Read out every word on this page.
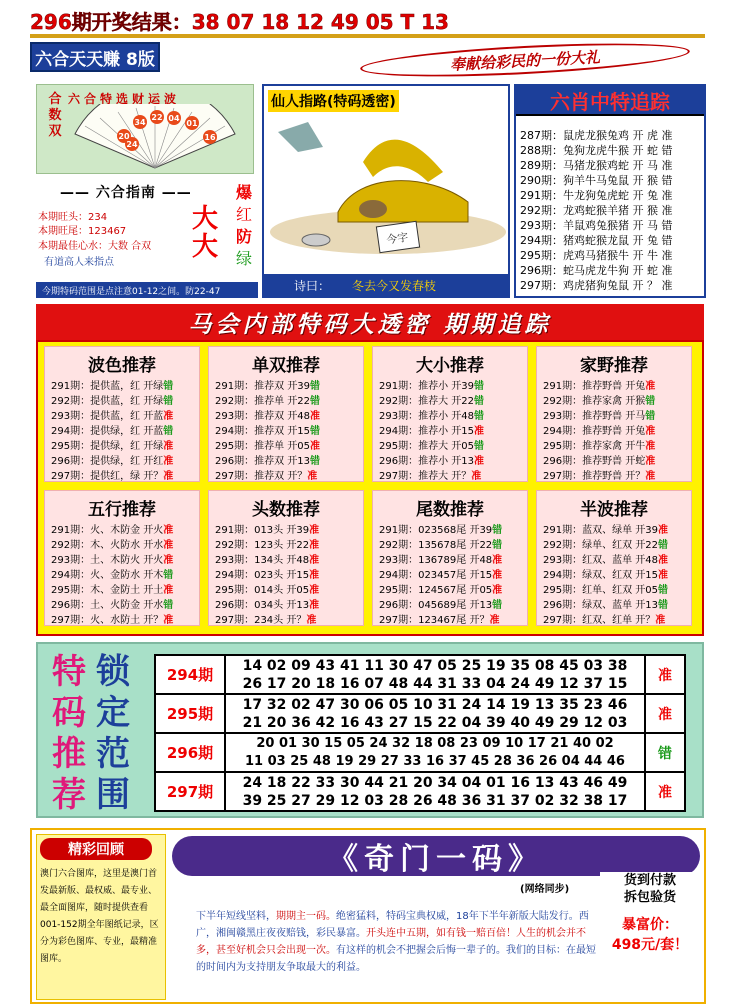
296期开奖结果：38 07 18 12 49 05 T 13
六合天天赚 8版	奉献给彩民的一份大礼
合数双
六合特选财运波
34
22 04
01
20
24
16
—— 六合指南 ——
本期旺头：234
本期旺尾：123467
本期最佳心水：大数 合双
有道高人来指点
大大
爆
红
防
绿
今期特码范围是点注意01-12之间。防22-47
仙人指路(特码透密)
今字
诗曰： 冬去今又发春枝
六肖中特追踪
287期：鼠虎龙猴兔鸡 开 虎 准
288期：兔狗龙虎牛猴 开 蛇 错
289期：马猪龙猴鸡蛇 开 马 准
290期：狗羊牛马兔鼠 开 猴 错
291期：牛龙狗兔虎蛇 开 兔 准
292期：龙鸡蛇猴羊猪 开 猴 准
293期：羊鼠鸡兔猴猪 开 马 错
294期：猪鸡蛇猴龙鼠 开 兔 错
295期：虎鸡马猪猴牛 开 牛 准
296期：蛇马虎龙牛狗 开 蛇 准
297期：鸡虎猪狗兔鼠 开 ？ 准
马会内部特码大透密 期期追踪
波色推荐
291期：提供蓝，红 开绿错
292期：提供蓝，红 开绿错
293期：提供蓝，红 开蓝准
294期：提供绿，红 开蓝错
295期：提供绿，红 开绿准
296期：提供绿，红 开红准
297期：提供红，绿 开？准
单双推荐
291期：推荐双 开39错
292期：推荐单 开22错
293期：推荐双 开48准
294期：推荐双 开15错
295期：推荐单 开05准
296期：推荐双 开13错
297期：推荐双 开？准
大小推荐
291期：推荐小 开39错
292期：推荐大 开22错
293期：推荐小 开48错
294期：推荐小 开15准
295期：推荐大 开05错
296期：推荐小 开13准
297期：推荐大 开？准
家野推荐
291期：推荐野兽 开兔准
292期：推荐家禽 开猴错
293期：推荐野兽 开马错
294期：推荐野兽 开兔准
295期：推荐家禽 开牛准
296期：推荐野兽 开蛇准
297期：推荐野兽 开？准
五行推荐
291期：火、木防金 开火准
292期：木、火防水 开水准
293期：土、木防火 开火准
294期：火、金防水 开木错
295期：木、金防土 开土准
296期：土、火防金 开水错
297期：火、水防土 开？准
头数推荐
291期：013头 开39准
292期：123头 开22准
293期：134头 开48准
294期：023头 开15准
295期：014头 开05准
296期：034头 开13准
297期：234头 开？准
尾数推荐
291期：023568尾 开39错
292期：135678尾 开22错
293期：136789尾 开48准
294期：023457尾 开15准
295期：124567尾 开05准
296期：045689尾 开13错
297期：123467尾 开？准
半波推荐
291期：蓝双、绿单 开39准
292期：绿单、红双 开22错
293期：红双、蓝单 开48准
294期：绿双、红双 开15准
295期：红单、红双 开05错
296期：绿双、蓝单 开13错
297期：红双、红单 开？准
特
码
推
荐
锁
定
范
围
294期	14 02 09 43 41 11 30 47 05 25 19 35 08 45 03 38
26 17 20 18 16 07 48 44 31 33 04 24 49 12 37 15	准
295期	17 32 02 47 30 06 05 10 31 24 14 19 13 35 23 46
21 20 36 42 16 43 27 15 22 04 39 40 49 29 12 03	准
296期	20 01 30 15 05 24 32 18 08 23 09 10 17 21 40 02
11 03 25 48 19 29 27 33 16 37 45 28 36 26 04 44 46	错
297期	24 18 22 33 30 44 21 20 34 04 01 16 13 43 46 49
39 25 27 29 12 03 28 26 48 36 31 37 02 32 38 17	准
精彩回顾
澳门六合图库，这里是澳门首发最新版、最权威、最专业、最全面图库，随时提供查看001-152期全年图纸记录，区分为彩色图库、专业，最精准图库。
《奇门一码》
(网络同步)
下半年短线坚料，期期主一码。绝密猛料，特码宝典权威，18年下半年新版大陆发行。西广，湘闽赣黑庄夜夜赔钱，彩民暴富。开头连中五期，如有钱一赔百倍！人生的机会并不多，甚至好机会只会出现一次。有这样的机会不把握会后悔一辈子的。我们的目标：在最短的时间内为支持朋友争取最大的利益。
货到付款
拆包验货
暴富价：
498元/套！
